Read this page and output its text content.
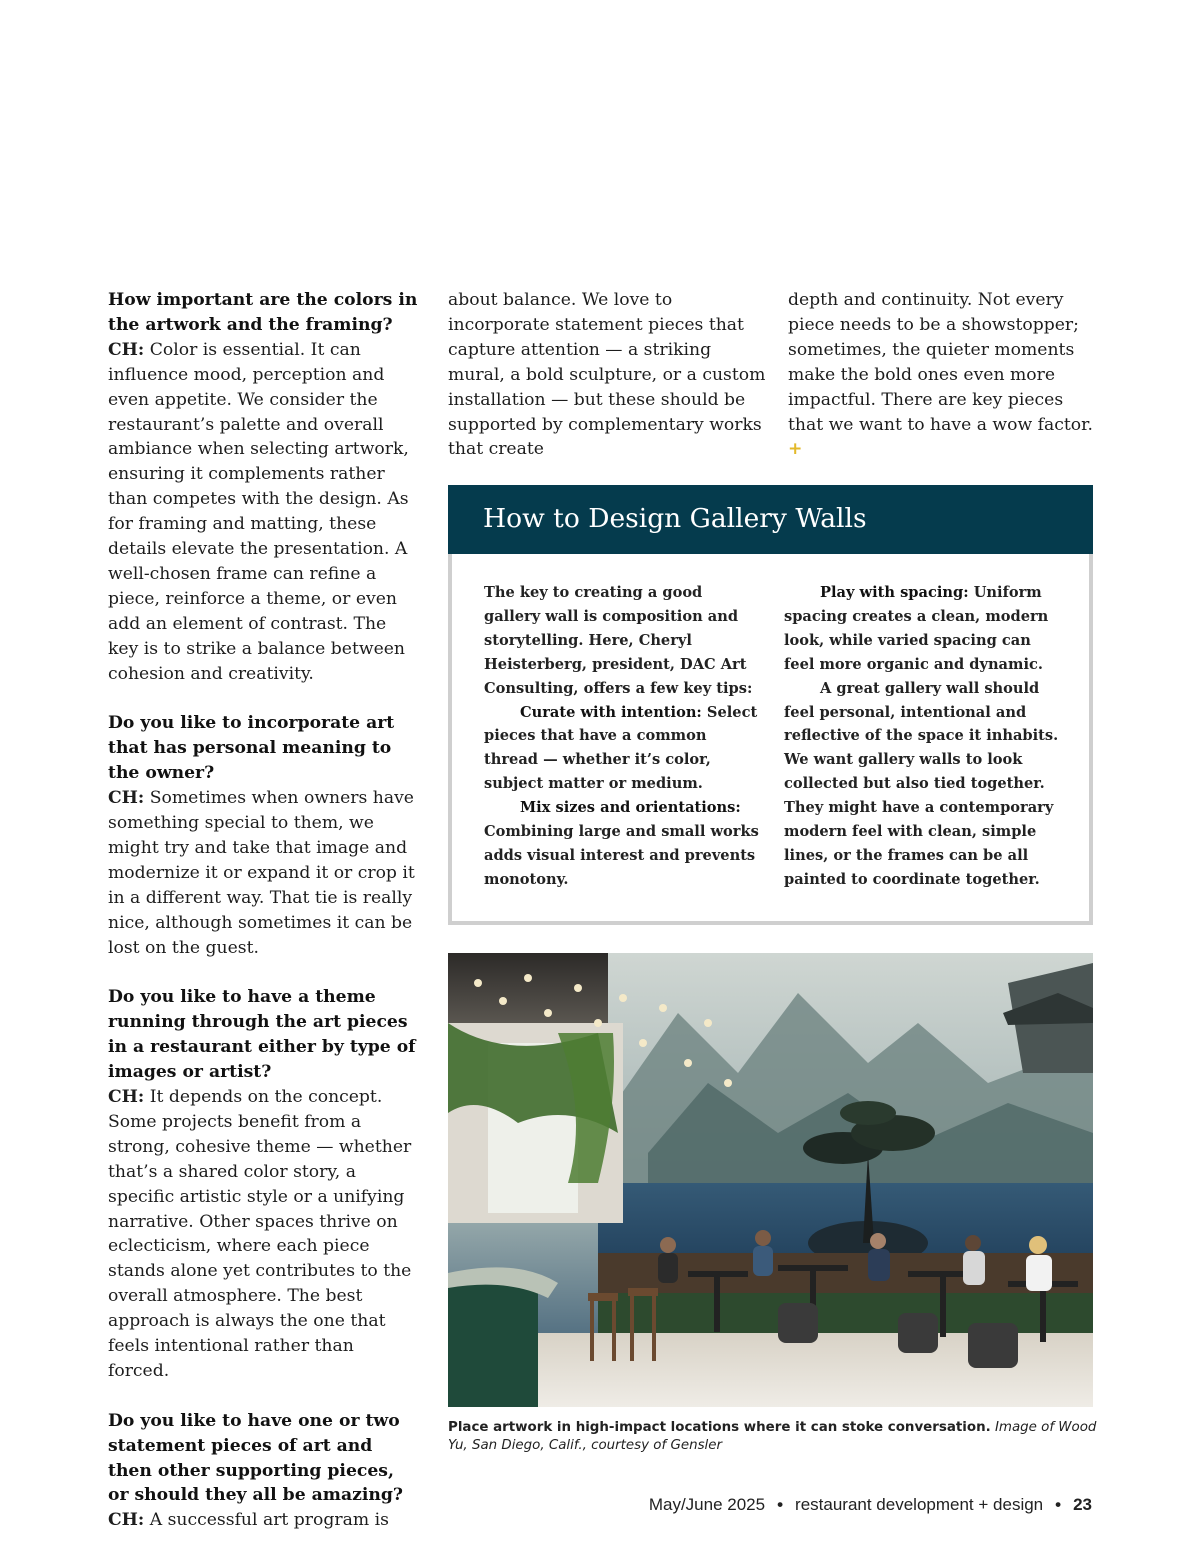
How important are the colors in the artwork and the framing?

CH: Color is essential. It can influence mood, perception and even appetite. We consider the restaurant’s palette and overall ambiance when selecting artwork, ensuring it complements rather than competes with the design. As for framing and matting, these details elevate the presentation. A well-chosen frame can refine a piece, reinforce a theme, or even add an element of contrast. The key is to strike a balance between cohesion and creativity.

Do you like to incorporate art that has personal meaning to the owner?

CH: Sometimes when owners have something special to them, we might try and take that image and modernize it or expand it or crop it in a different way. That tie is really nice, although sometimes it can be lost on the guest.

Do you like to have a theme running through the art pieces in a restaurant either by type of images or artist?

CH: It depends on the concept. Some projects benefit from a strong, cohesive theme — whether that’s a shared color story, a specific artistic style or a unifying narrative. Other spaces thrive on eclecticism, where each piece stands alone yet contributes to the overall atmosphere. The best approach is always the one that feels intentional rather than forced.

Do you like to have one or two statement pieces of art and then other supporting pieces, or should they all be amazing?

CH: A successful art program is

about balance. We love to incorporate statement pieces that capture attention — a striking mural, a bold sculpture, or a custom installation — but these should be supported by complementary works that create

depth and continuity. Not every piece needs to be a showstopper; sometimes, the quieter moments make the bold ones even more impactful. There are key pieces that we want to have a wow factor. +

How to Design Gallery Walls

The key to creating a good gallery wall is composition and storytelling. Here, Cheryl Heisterberg, president, DAC Art Consulting, offers a few key tips:

Curate with intention: Select pieces that have a common thread — whether it’s color, subject matter or medium.

Mix sizes and orientations: Combining large and small works adds visual interest and prevents monotony.

Play with spacing: Uniform spacing creates a clean, modern look, while varied spacing can feel more organic and dynamic.

A great gallery wall should feel personal, intentional and reflective of the space it inhabits. We want gallery walls to look collected but also tied together. They might have a contemporary modern feel with clean, simple lines, or the frames can be all painted to coordinate together.

Place artwork in high-impact locations where it can stoke conversation. Image of Wood Yu, San Diego, Calif., courtesy of Gensler
May/June 2025 • restaurant development + design • 23
